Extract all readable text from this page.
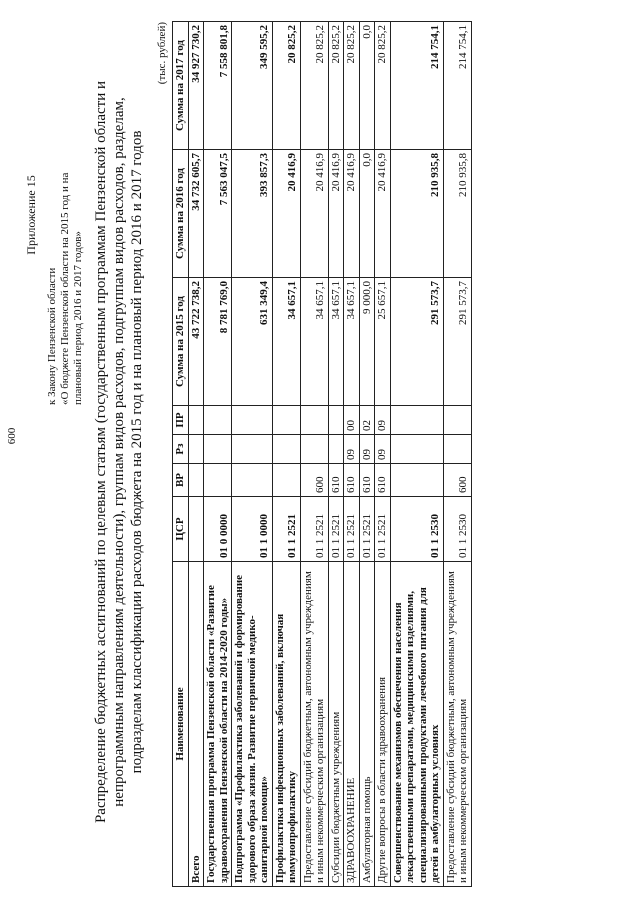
600
Приложение 15
к Закону Пензенской области «О бюджете Пензенской области на 2015 год и на плановый период 2016 и 2017 годов» Распределение бюджетных ассигнований по целевым статьям (государственным программам Пензенской области и непрограммным направлениям деятельности), группам видов расходов, подгруппам видов расходов, разделам, подразделам классификации расходов бюджета на 2015 год и на плановый период 2016 и 2017 годов
(тыс. рублей)
Наименование	ЦСР	ВР	Рз	ПР	Сумма на 2015 год	Сумма на 2016 год	Сумма на 2017 год
Всего					43 722 738,2	34 732 605,7	34 927 730,2
Государственная программа Пензенской области «Развитие здравоохранения Пензенской области на 2014-2020 годы»	01 0 0000				8 781 769,0	7 563 047,5	7 558 801,8
Подпрограмма «Профилактика заболеваний и формирование здорового образа жизни. Развитие первичной медико-санитарной помощи»	01 1 0000				631 349,4	393 857,3	349 595,2
Профилактика инфекционных заболеваний, включая иммунопрофилактику	01 1 2521				34 657,1	20 416,9	20 825,2
Предоставление субсидий бюджетным, автономным учреждениям и иным некоммерческим организациям	01 1 2521	600			34 657,1	20 416,9	20 825,2
Субсидии бюджетным учреждениям	01 1 2521	610			34 657,1	20 416,9	20 825,2
ЗДРАВООХРАНЕНИЕ	01 1 2521	610	09	00	34 657,1	20 416,9	20 825,2
Амбулаторная помощь	01 1 2521	610	09	02	9 000,0	0,0	0,0
Другие вопросы в области здравоохранения	01 1 2521	610	09	09	25 657,1	20 416,9	20 825,2
Совершенствование механизмов обеспечения населения лекарственными препаратами, медицинскими изделиями, специализированными продуктами лечебного питания для детей в амбулаторных условиях	01 1 2530				291 573,7	210 935,8	214 754,1
Предоставление субсидий бюджетным, автономным учреждениям и иным некоммерческим организациям	01 1 2530	600			291 573,7	210 935,8	214 754,1
